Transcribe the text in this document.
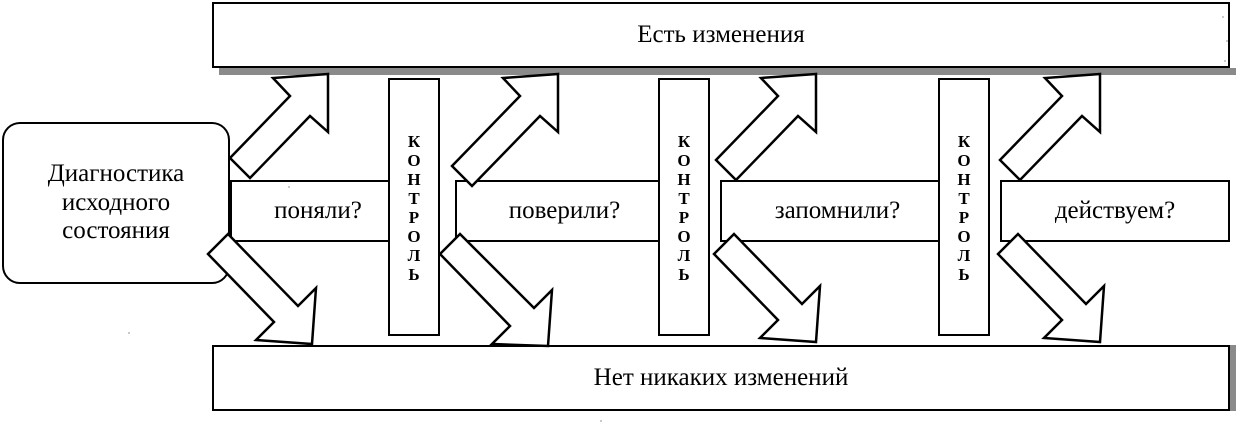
Есть изменения
Нет никаких изменений
Диагностика
исходного
состояния
поняли?	поверили?	запомнили?	действуем?
К
О
Н
Т
Р
О
Л
Ь
К
О
Н
Т
Р
О
Л
Ь
К
О
Н
Т
Р
О
Л
Ь
